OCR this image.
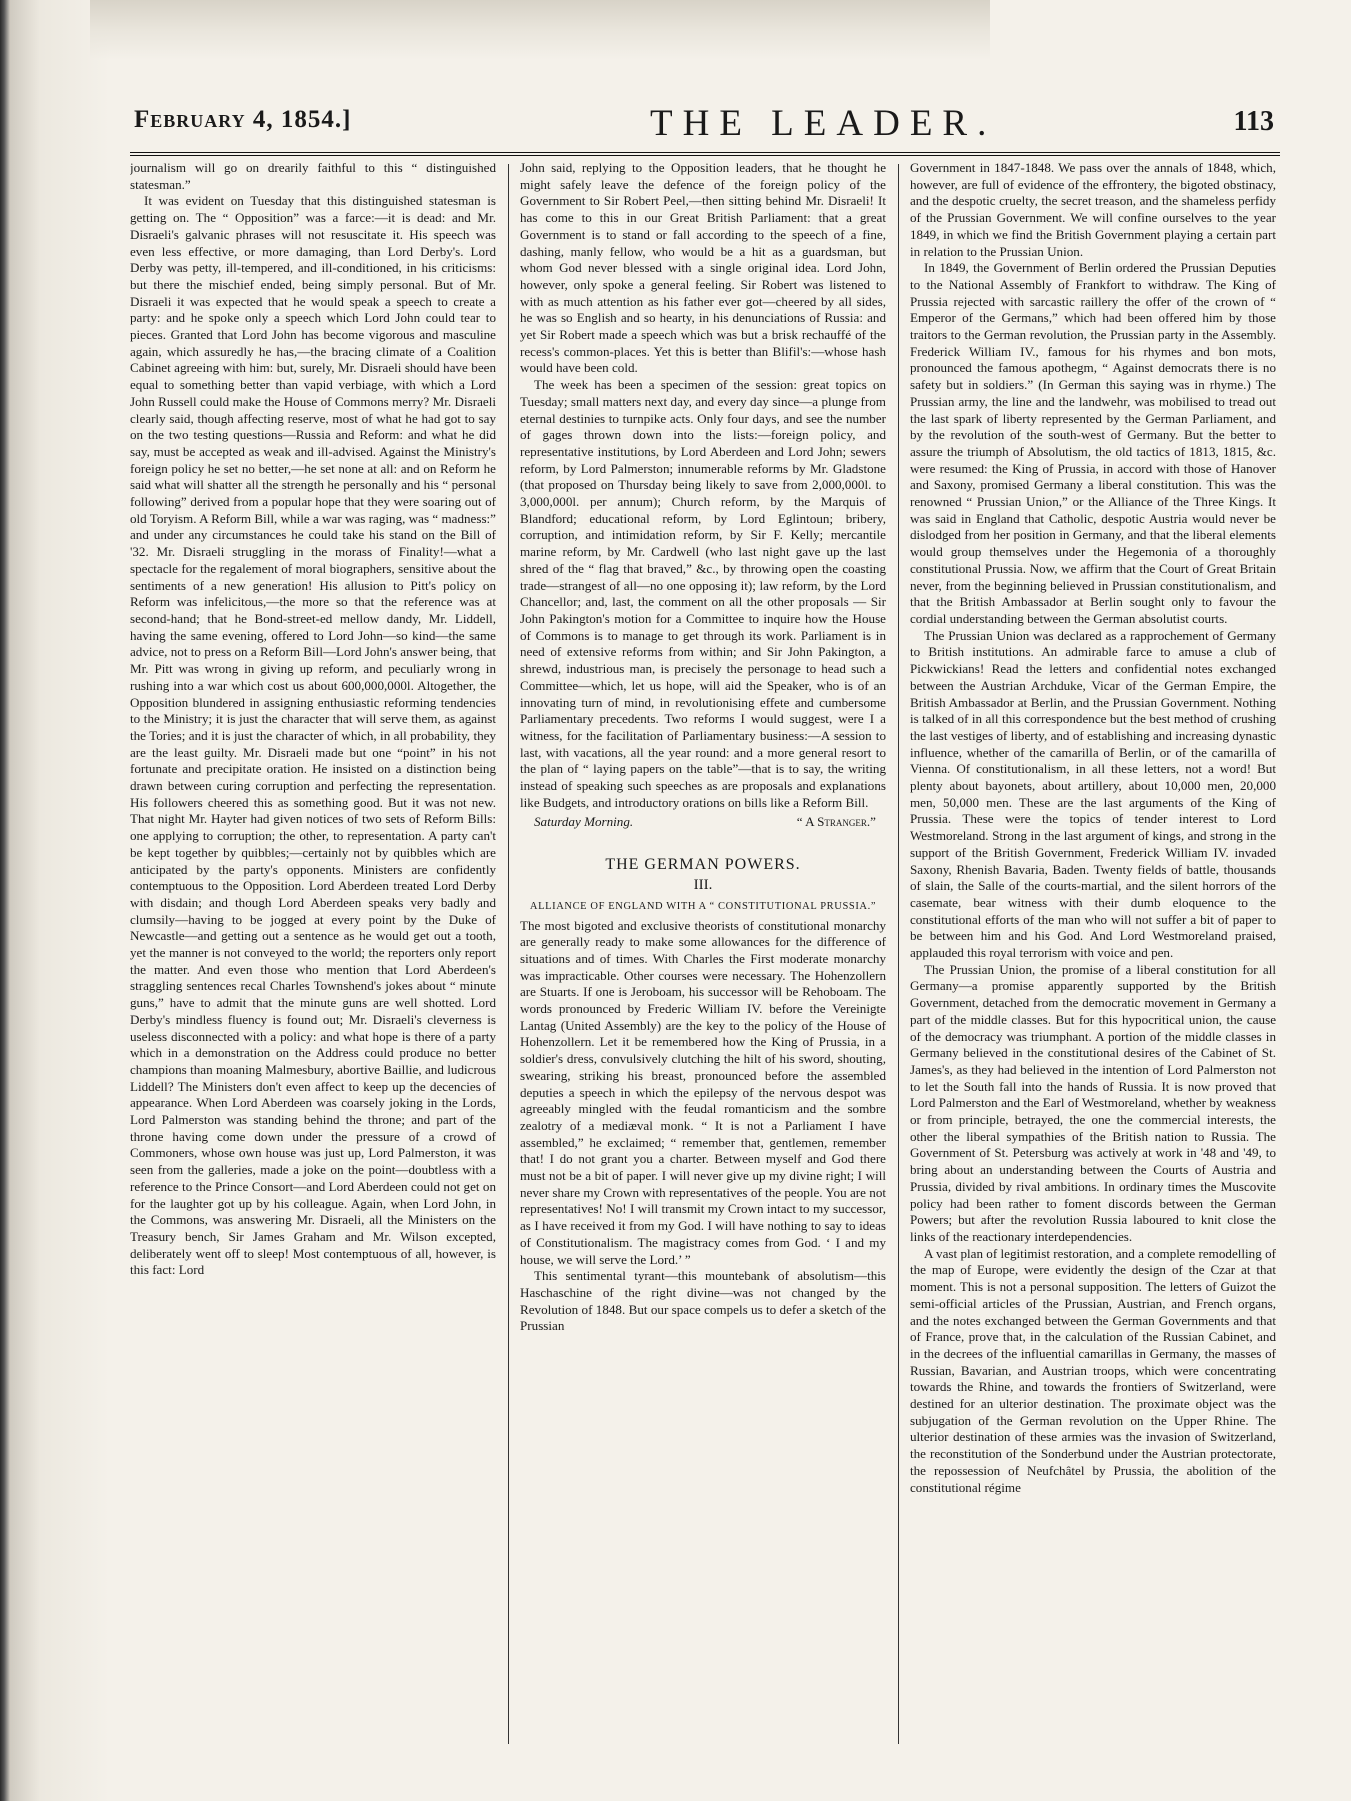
February 4, 1854.]	THE LEADER.	113

journalism will go on drearily faithful to this “ distinguished statesman.”

It was evident on Tuesday that this distinguished statesman is getting on. The “ Opposition” was a farce:—it is dead: and Mr. Disraeli's galvanic phrases will not resuscitate it. His speech was even less effective, or more damaging, than Lord Derby's. Lord Derby was petty, ill-tempered, and ill-conditioned, in his criticisms: but there the mischief ended, being simply personal. But of Mr. Disraeli it was expected that he would speak a speech to create a party: and he spoke only a speech which Lord John could tear to pieces. Granted that Lord John has become vigorous and masculine again, which assuredly he has,—the bracing climate of a Coalition Cabinet agreeing with him: but, surely, Mr. Disraeli should have been equal to something better than vapid verbiage, with which a Lord John Russell could make the House of Commons merry? Mr. Disraeli clearly said, though affecting reserve, most of what he had got to say on the two testing questions—Russia and Reform: and what he did say, must be accepted as weak and ill-advised. Against the Ministry's foreign policy he set no better,—he set none at all: and on Reform he said what will shatter all the strength he personally and his “ personal following” derived from a popular hope that they were soaring out of old Toryism. A Reform Bill, while a war was raging, was “ madness:” and under any circumstances he could take his stand on the Bill of '32. Mr. Disraeli struggling in the morass of Finality!—what a spectacle for the regalement of moral biographers, sensitive about the sentiments of a new generation! His allusion to Pitt's policy on Reform was infelicitous,—the more so that the reference was at second-hand; that he Bond-street-ed mellow dandy, Mr. Liddell, having the same evening, offered to Lord John—so kind—the same advice, not to press on a Reform Bill—Lord John's answer being, that Mr. Pitt was wrong in giving up reform, and peculiarly wrong in rushing into a war which cost us about 600,000,000l. Altogether, the Opposition blundered in assigning enthusiastic reforming tendencies to the Ministry; it is just the character that will serve them, as against the Tories; and it is just the character of which, in all probability, they are the least guilty. Mr. Disraeli made but one “point” in his not fortunate and precipitate oration. He insisted on a distinction being drawn between curing corruption and perfecting the representation. His followers cheered this as something good. But it was not new. That night Mr. Hayter had given notices of two sets of Reform Bills: one applying to corruption; the other, to representation. A party can't be kept together by quibbles;—certainly not by quibbles which are anticipated by the party's opponents. Ministers are confidently contemptuous to the Opposition. Lord Aberdeen treated Lord Derby with disdain; and though Lord Aberdeen speaks very badly and clumsily—having to be jogged at every point by the Duke of Newcastle—and getting out a sentence as he would get out a tooth, yet the manner is not conveyed to the world; the reporters only report the matter. And even those who mention that Lord Aberdeen's straggling sentences recal Charles Townshend's jokes about “ minute guns,” have to admit that the minute guns are well shotted. Lord Derby's mindless fluency is found out; Mr. Disraeli's cleverness is useless disconnected with a policy: and what hope is there of a party which in a demonstration on the Address could produce no better champions than moaning Malmesbury, abortive Baillie, and ludicrous Liddell? The Ministers don't even affect to keep up the decencies of appearance. When Lord Aberdeen was coarsely joking in the Lords, Lord Palmerston was standing behind the throne; and part of the throne having come down under the pressure of a crowd of Commoners, whose own house was just up, Lord Palmerston, it was seen from the galleries, made a joke on the point—doubtless with a reference to the Prince Consort—and Lord Aberdeen could not get on for the laughter got up by his colleague. Again, when Lord John, in the Commons, was answering Mr. Disraeli, all the Ministers on the Treasury bench, Sir James Graham and Mr. Wilson excepted, deliberately went off to sleep! Most contemptuous of all, however, is this fact: Lord

John said, replying to the Opposition leaders, that he thought he might safely leave the defence of the foreign policy of the Government to Sir Robert Peel,—then sitting behind Mr. Disraeli! It has come to this in our Great British Parliament: that a great Government is to stand or fall according to the speech of a fine, dashing, manly fellow, who would be a hit as a guardsman, but whom God never blessed with a single original idea. Lord John, however, only spoke a general feeling. Sir Robert was listened to with as much attention as his father ever got—cheered by all sides, he was so English and so hearty, in his denunciations of Russia: and yet Sir Robert made a speech which was but a brisk rechauffé of the recess's common-places. Yet this is better than Blifil's:—whose hash would have been cold.

The week has been a specimen of the session: great topics on Tuesday; small matters next day, and every day since—a plunge from eternal destinies to turnpike acts. Only four days, and see the number of gages thrown down into the lists:—foreign policy, and representative institutions, by Lord Aberdeen and Lord John; sewers reform, by Lord Palmerston; innumerable reforms by Mr. Gladstone (that proposed on Thursday being likely to save from 2,000,000l. to 3,000,000l. per annum); Church reform, by the Marquis of Blandford; educational reform, by Lord Eglintoun; bribery, corruption, and intimidation reform, by Sir F. Kelly; mercantile marine reform, by Mr. Cardwell (who last night gave up the last shred of the “ flag that braved,” &c., by throwing open the coasting trade—strangest of all—no one opposing it); law reform, by the Lord Chancellor; and, last, the comment on all the other proposals — Sir John Pakington's motion for a Committee to inquire how the House of Commons is to manage to get through its work. Parliament is in need of extensive reforms from within; and Sir John Pakington, a shrewd, industrious man, is precisely the personage to head such a Committee—which, let us hope, will aid the Speaker, who is of an innovating turn of mind, in revolutionising effete and cumbersome Parliamentary precedents. Two reforms I would suggest, were I a witness, for the facilitation of Parliamentary business:—A session to last, with vacations, all the year round: and a more general resort to the plan of “ laying papers on the table”—that is to say, the writing instead of speaking such speeches as are proposals and explanations like Budgets, and introductory orations on bills like a Reform Bill.

Saturday Morning.	“ A Stranger.”
THE GERMAN POWERS.
III.
ALLIANCE OF ENGLAND WITH A “ CONSTITUTIONAL PRUSSIA.”

The most bigoted and exclusive theorists of constitutional monarchy are generally ready to make some allowances for the difference of situations and of times. With Charles the First moderate monarchy was impracticable. Other courses were necessary. The Hohenzollern are Stuarts. If one is Jeroboam, his successor will be Rehoboam. The words pronounced by Frederic William IV. before the Vereinigte Lantag (United Assembly) are the key to the policy of the House of Hohenzollern. Let it be remembered how the King of Prussia, in a soldier's dress, convulsively clutching the hilt of his sword, shouting, swearing, striking his breast, pronounced before the assembled deputies a speech in which the epilepsy of the nervous despot was agreeably mingled with the feudal romanticism and the sombre zealotry of a mediæval monk. “ It is not a Parliament I have assembled,” he exclaimed; “ remember that, gentlemen, remember that! I do not grant you a charter. Between myself and God there must not be a bit of paper. I will never give up my divine right; I will never share my Crown with representatives of the people. You are not representatives! No! I will transmit my Crown intact to my successor, as I have received it from my God. I will have nothing to say to ideas of Constitutionalism. The magistracy comes from God. ‘ I and my house, we will serve the Lord.’ ”

This sentimental tyrant—this mountebank of absolutism—this Haschaschine of the right divine—was not changed by the Revolution of 1848. But our space compels us to defer a sketch of the Prussian

Government in 1847-1848. We pass over the annals of 1848, which, however, are full of evidence of the effrontery, the bigoted obstinacy, and the despotic cruelty, the secret treason, and the shameless perfidy of the Prussian Government. We will confine ourselves to the year 1849, in which we find the British Government playing a certain part in relation to the Prussian Union.

In 1849, the Government of Berlin ordered the Prussian Deputies to the National Assembly of Frankfort to withdraw. The King of Prussia rejected with sarcastic raillery the offer of the crown of “ Emperor of the Germans,” which had been offered him by those traitors to the German revolution, the Prussian party in the Assembly. Frederick William IV., famous for his rhymes and bon mots, pronounced the famous apothegm, “ Against democrats there is no safety but in soldiers.” (In German this saying was in rhyme.) The Prussian army, the line and the landwehr, was mobilised to tread out the last spark of liberty represented by the German Parliament, and by the revolution of the south-west of Germany. But the better to assure the triumph of Absolutism, the old tactics of 1813, 1815, &c. were resumed: the King of Prussia, in accord with those of Hanover and Saxony, promised Germany a liberal constitution. This was the renowned “ Prussian Union,” or the Alliance of the Three Kings. It was said in England that Catholic, despotic Austria would never be dislodged from her position in Germany, and that the liberal elements would group themselves under the Hegemonia of a thoroughly constitutional Prussia. Now, we affirm that the Court of Great Britain never, from the beginning believed in Prussian constitutionalism, and that the British Ambassador at Berlin sought only to favour the cordial understanding between the German absolutist courts.

The Prussian Union was declared as a rapprochement of Germany to British institutions. An admirable farce to amuse a club of Pickwickians! Read the letters and confidential notes exchanged between the Austrian Archduke, Vicar of the German Empire, the British Ambassador at Berlin, and the Prussian Government. Nothing is talked of in all this correspondence but the best method of crushing the last vestiges of liberty, and of establishing and increasing dynastic influence, whether of the camarilla of Berlin, or of the camarilla of Vienna. Of constitutionalism, in all these letters, not a word! But plenty about bayonets, about artillery, about 10,000 men, 20,000 men, 50,000 men. These are the last arguments of the King of Prussia. These were the topics of tender interest to Lord Westmoreland. Strong in the last argument of kings, and strong in the support of the British Government, Frederick William IV. invaded Saxony, Rhenish Bavaria, Baden. Twenty fields of battle, thousands of slain, the Salle of the courts-martial, and the silent horrors of the casemate, bear witness with their dumb eloquence to the constitutional efforts of the man who will not suffer a bit of paper to be between him and his God. And Lord Westmoreland praised, applauded this royal terrorism with voice and pen.

The Prussian Union, the promise of a liberal constitution for all Germany—a promise apparently supported by the British Government, detached from the democratic movement in Germany a part of the middle classes. But for this hypocritical union, the cause of the democracy was triumphant. A portion of the middle classes in Germany believed in the constitutional desires of the Cabinet of St. James's, as they had believed in the intention of Lord Palmerston not to let the South fall into the hands of Russia. It is now proved that Lord Palmerston and the Earl of Westmoreland, whether by weakness or from principle, betrayed, the one the commercial interests, the other the liberal sympathies of the British nation to Russia. The Government of St. Petersburg was actively at work in '48 and '49, to bring about an understanding between the Courts of Austria and Prussia, divided by rival ambitions. In ordinary times the Muscovite policy had been rather to foment discords between the German Powers; but after the revolution Russia laboured to knit close the links of the reactionary interdependencies.

A vast plan of legitimist restoration, and a complete remodelling of the map of Europe, were evidently the design of the Czar at that moment. This is not a personal supposition. The letters of Guizot the semi-official articles of the Prussian, Austrian, and French organs, and the notes exchanged between the German Governments and that of France, prove that, in the calculation of the Russian Cabinet, and in the decrees of the influential camarillas in Germany, the masses of Russian, Bavarian, and Austrian troops, which were concentrating towards the Rhine, and towards the frontiers of Switzerland, were destined for an ulterior destination. The proximate object was the subjugation of the German revolution on the Upper Rhine. The ulterior destination of these armies was the invasion of Switzerland, the reconstitution of the Sonderbund under the Austrian protectorate, the repossession of Neufchâtel by Prussia, the abolition of the constitutional régime
